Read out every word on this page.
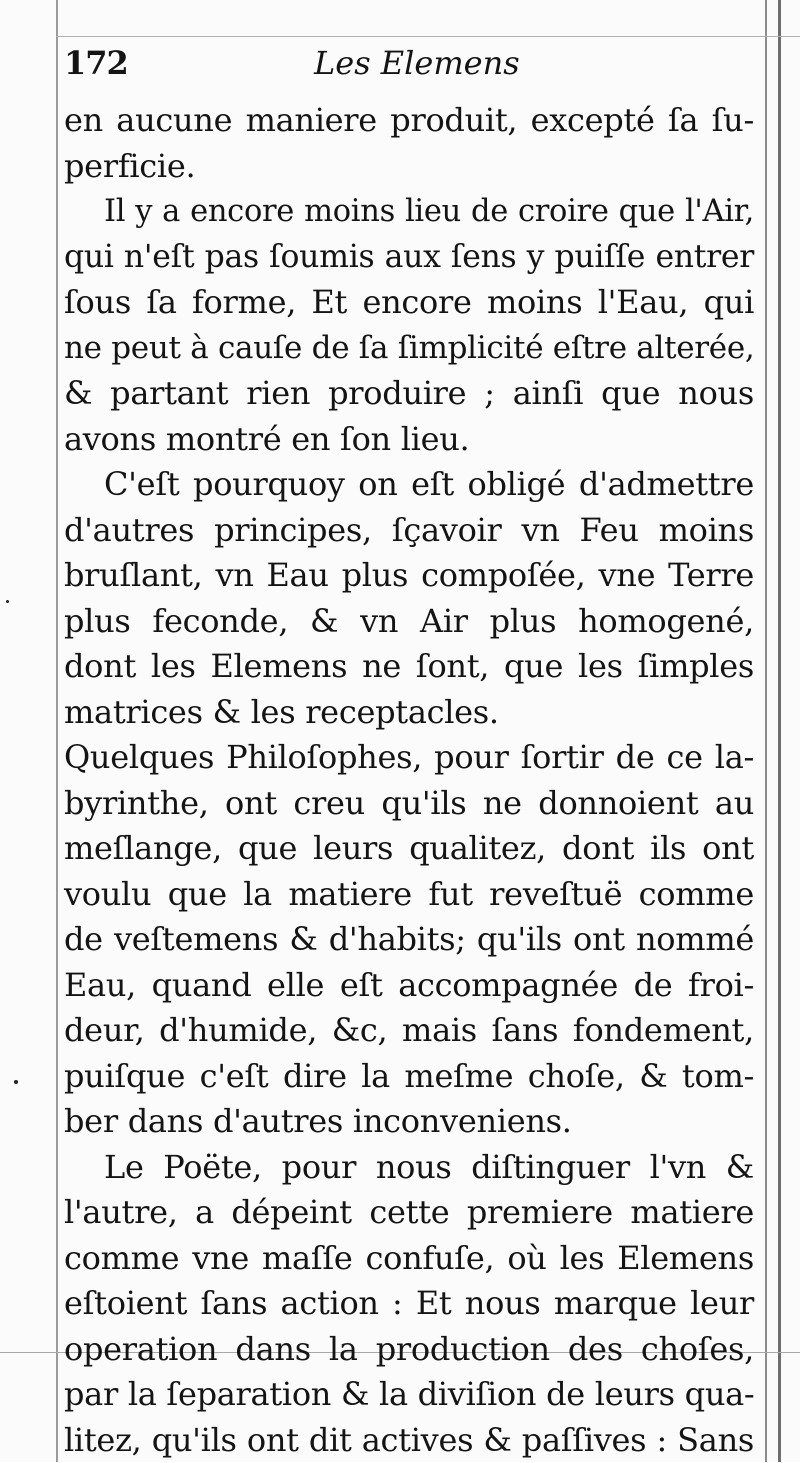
172	Les Elemens
en aucune maniere produit, excepté ſa ſu-
perficie.
Il y a encore moins lieu de croire que l'Air,
qui n'eſt pas ſoumis aux ſens y puiſſe entrer
ſous ſa forme, Et encore moins l'Eau, qui
ne peut à cauſe de ſa ſimplicité eſtre alterée,
& partant rien produire ; ainſi que nous
avons montré en ſon lieu.
C'eſt pourquoy on eſt obligé d'admettre
d'autres principes, ſçavoir vn Feu moins
bruſlant, vn Eau plus compoſée, vne Terre
plus feconde, & vn Air plus homogené,
dont les Elemens ne ſont, que les ſimples
matrices & les receptacles.
Quelques Philoſophes, pour ſortir de ce la-
byrinthe, ont creu qu'ils ne donnoient au
meſlange, que leurs qualitez, dont ils ont
voulu que la matiere fut reveſtuë comme
de veſtemens & d'habits; qu'ils ont nommé
Eau, quand elle eſt accompagnée de froi-
deur, d'humide, &c, mais ſans fondement,
puiſque c'eſt dire la meſme choſe, & tom-
ber dans d'autres inconveniens.
Le Poëte, pour nous diſtinguer l'vn &
l'autre, a dépeint cette premiere matiere
comme vne maſſe confuſe, où les Elemens
eſtoient ſans action : Et nous marque leur
operation dans la production des choſes,
par la ſeparation & la diviſion de leurs qua-
litez, qu'ils ont dit actives & paſſives : Sans
